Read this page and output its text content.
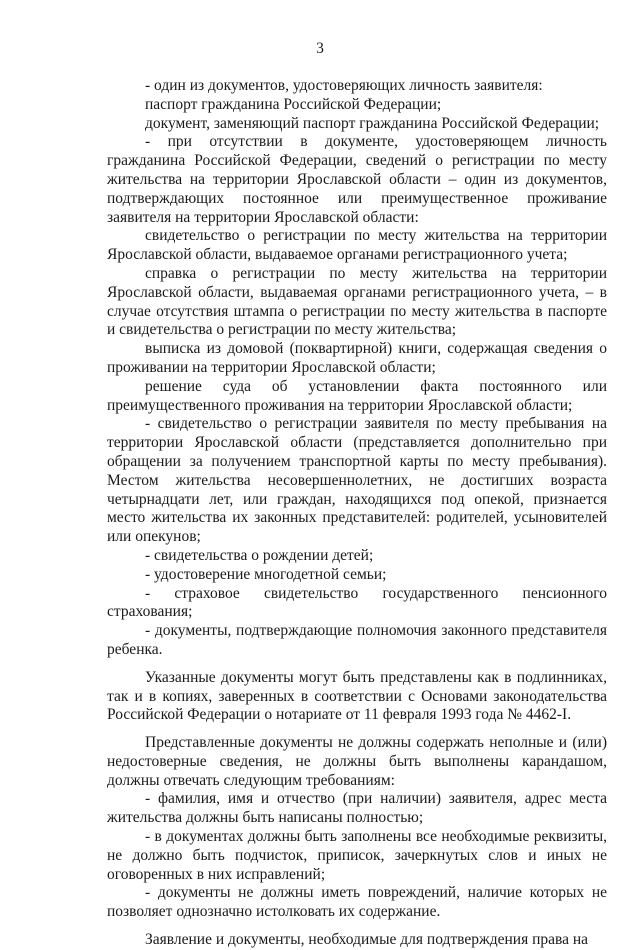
3

- один из документов, удостоверяющих личность заявителя:

паспорт гражданина Российской Федерации;

документ, заменяющий паспорт гражданина Российской Федерации;

- при отсутствии в документе, удостоверяющем личность гражданина Российской Федерации, сведений о регистрации по месту жительства на территории Ярославской области – один из документов, подтверждающих постоянное или преимущественное проживание заявителя на территории Ярославской области:

свидетельство о регистрации по месту жительства на территории Ярославской области, выдаваемое органами регистрационного учета;

справка о регистрации по месту жительства на территории Ярославской области, выдаваемая органами регистрационного учета, – в случае отсутствия штампа о регистрации по месту жительства в паспорте и свидетельства о регистрации по месту жительства;

выписка из домовой (поквартирной) книги, содержащая сведения о проживании на территории Ярославской области;

решение суда об установлении факта постоянного или преимущественного проживания на территории Ярославской области;

- свидетельство о регистрации заявителя по месту пребывания на территории Ярославской области (представляется дополнительно при обращении за получением транспортной карты по месту пребывания). Местом жительства несовершеннолетних, не достигших возраста четырнадцати лет, или граждан, находящихся под опекой, признается место жительства их законных представителей: родителей, усыновителей или опекунов;

- свидетельства о рождении детей;

- удостоверение многодетной семьи;

- страховое свидетельство государственного пенсионного страхования;

- документы, подтверждающие полномочия законного представителя ребенка.

Указанные документы могут быть представлены как в подлинниках, так и в копиях, заверенных в соответствии с Основами законодательства Российской Федерации о нотариате от 11 февраля 1993 года № 4462-I.

Представленные документы не должны содержать неполные и (или) недостоверные сведения, не должны быть выполнены карандашом, должны отвечать следующим требованиям:

- фамилия, имя и отчество (при наличии) заявителя, адрес места жительства должны быть написаны полностью;

- в документах должны быть заполнены все необходимые реквизиты, не должно быть подчисток, приписок, зачеркнутых слов и иных не оговоренных в них исправлений;

- документы не должны иметь повреждений, наличие которых не позволяет однозначно истолковать их содержание.

Заявление и документы, необходимые для подтверждения права на
